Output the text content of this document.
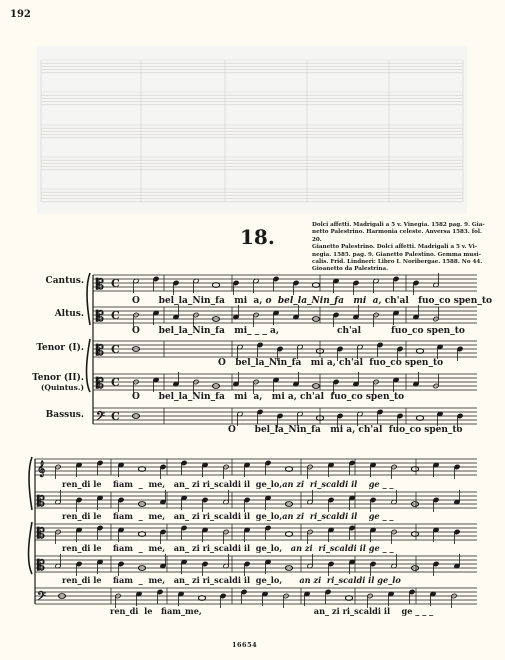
192
18.	Dolci affetti. Madrigali a 5 v. Vinegia. 1582 pag. 9. Gia-
netto Palestrino. Harmonia celeste. Anversa 1583. fol. 20.
Gianetto Palestrino. Dolci affetti. Madrigali a 5 v. Vi-
negia. 1585. pag. 9. Gianetto Palestino. Gemma musi-
calis. Frid. Lindneri: Libro I. Noribergae. 1588. No 44.
Gioanetto da Palestrina.
Cantus.
Altus.
Tenor (I).
Tenor (II).
(Quintus.)
Bassus.
𝄡 C
𝄡 C
𝄡 C
𝄡 C
𝄢 C
𝄞
𝄡
𝄡
𝄡
𝄢
O bel_la_Nin_fa mi a, o bel_la_Nin_fa mi a, ch'al fuo_co spen_to
O bel_la_Nin_fa mi_ _ _ a,	ch'al	fuo_co spen_to
O bel_la_Nin_fa mi a, ch'al fuo_co spen_to
O bel_la_Nin_fa mi a, mi a, ch'al fuo_co spen_to
O bel_la_Nin_fa mi a, ch'al fuo_co spen_to
ren_di le fiam  _  me, an_ zi ri_scaldi il ge_lo,an zi ri_scaldi il ge _ _
ren_di le fiam  _  me, an_ zi ri_scaldi il ge_lo,an zi ri_scaldi il ge _ _
ren_di le fiam  _  me, an_ zi ri_scaldi il ge_lo, an zi ri_scaldi il ge _ _
ren_di le fiam  _  me, an_ zi ri_scaldi il ge_lo, an zi ri_scaldi il ge_lo
ren_di le fiam_me,	an_ zi ri_scaldi il ge _ _ _
16654
